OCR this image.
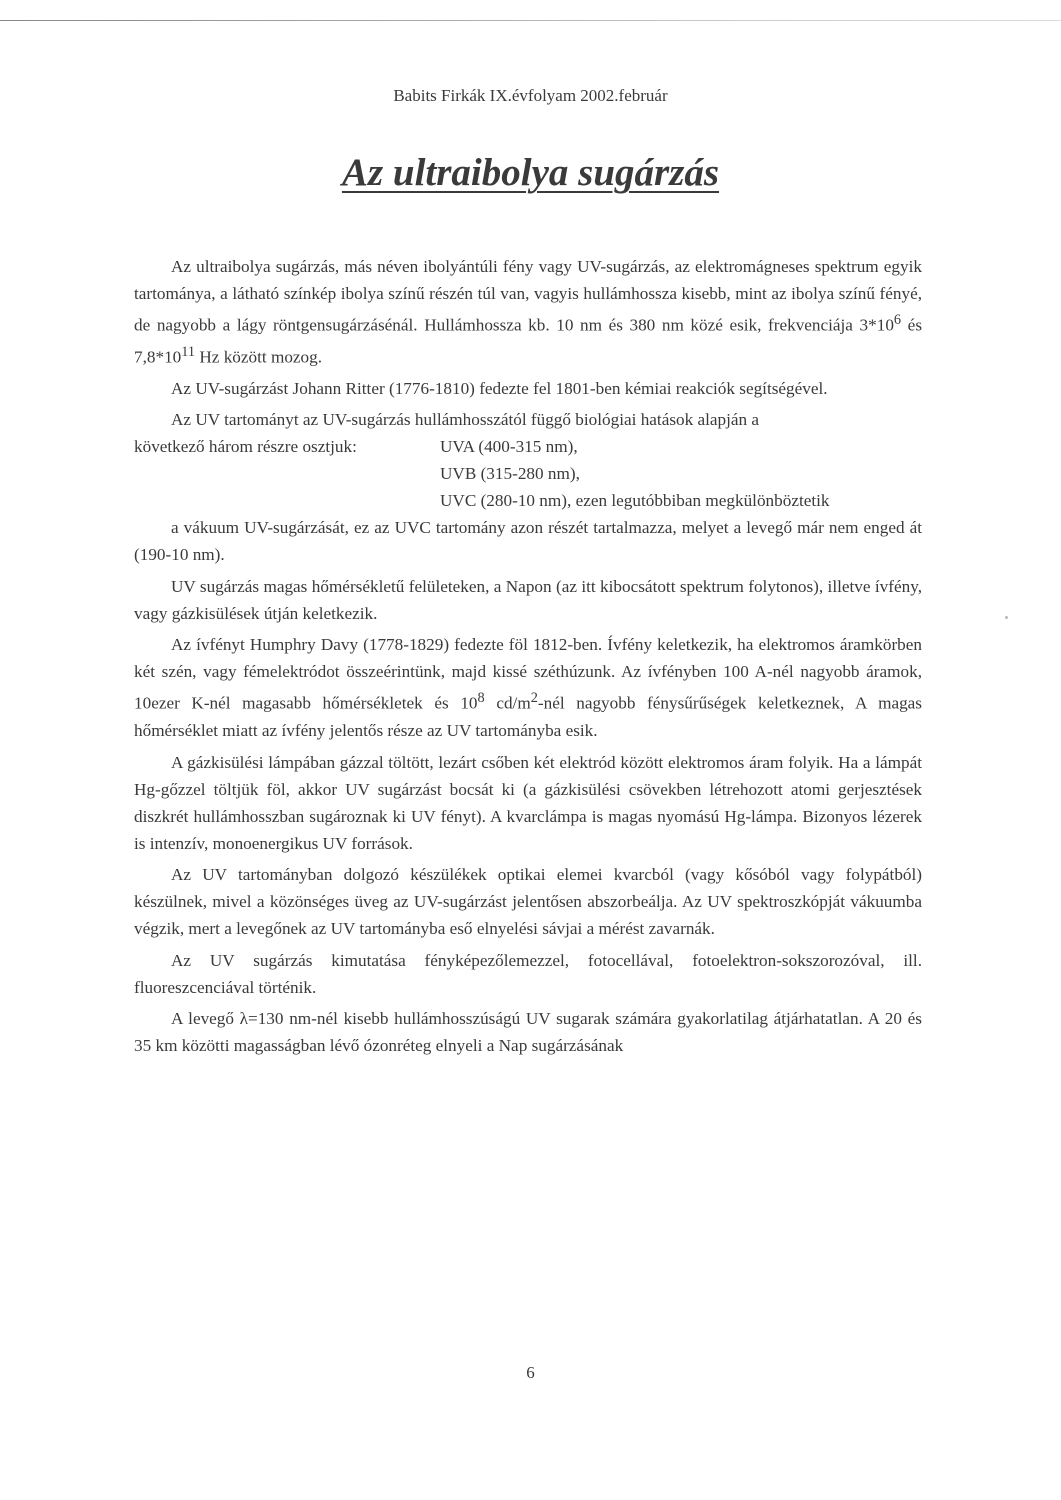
Babits Firkák IX.évfolyam 2002.február
Az ultraibolya sugárzás

Az ultraibolya sugárzás, más néven ibolyántúli fény vagy UV-sugárzás, az elektromágneses spektrum egyik tartománya, a látható színkép ibolya színű részén túl van, vagyis hullámhossza kisebb, mint az ibolya színű fényé, de nagyobb a lágy röntgensugárzásénál. Hullámhossza kb. 10 nm és 380 nm közé esik, frekvenciája $3*10^6$ és $7,8*10^{11}$ Hz között mozog.

Az UV-sugárzást Johann Ritter (1776-1810) fedezte fel 1801-ben kémiai reakciók segítségével.

Az UV tartományt az UV-sugárzás hullámhosszától függő biológiai hatások alapján a

következő három részre osztjuk:	UVA (400-315 nm),
UVB (315-280 nm),
UVC (280-10 nm), ezen legutóbbiban megkülönböztetik

a vákuum UV-sugárzását, ez az UVC tartomány azon részét tartalmazza, melyet a levegő már nem enged át (190-10 nm).

UV sugárzás magas hőmérsékletű felületeken, a Napon (az itt kibocsátott spektrum folytonos), illetve ívfény, vagy gázkisülések útján keletkezik.

Az ívfényt Humphry Davy (1778-1829) fedezte föl 1812-ben. Ívfény keletkezik, ha elektromos áramkörben két szén, vagy fémelektródot összeérintünk, majd kissé széthúzunk. Az ívfényben 100 A-nél nagyobb áramok, 10ezer K-nél magasabb hőmérsékletek és $10^8$ $cd/m^2$-nél nagyobb fénysűrűségek keletkeznek, A magas hőmérséklet miatt az ívfény jelentős része az UV tartományba esik.

A gázkisülési lámpában gázzal töltött, lezárt csőben két elektród között elektromos áram folyik. Ha a lámpát Hg-gőzzel töltjük föl, akkor UV sugárzást bocsát ki (a gázkisülési csövekben létrehozott atomi gerjesztések diszkrét hullámhosszban sugároznak ki UV fényt). A kvarclámpa is magas nyomású Hg-lámpa. Bizonyos lézerek is intenzív, monoenergikus UV források.

Az UV tartományban dolgozó készülékek optikai elemei kvarcból (vagy kősóból vagy folypátból) készülnek, mivel a közönséges üveg az UV-sugárzást jelentősen abszorbeálja. Az UV spektroszkópját vákuumba végzik, mert a levegőnek az UV tartományba eső elnyelési sávjai a mérést zavarnák.

Az UV sugárzás kimutatása fényképezőlemezzel, fotocellával, fotoelektron-sokszorozóval, ill. fluoreszcenciával történik.

A levegő λ=130 nm-nél kisebb hullámhosszúságú UV sugarak számára gyakorlatilag átjárhatatlan. A 20 és 35 km közötti magasságban lévő ózonréteg elnyeli a Nap sugárzásának

6
